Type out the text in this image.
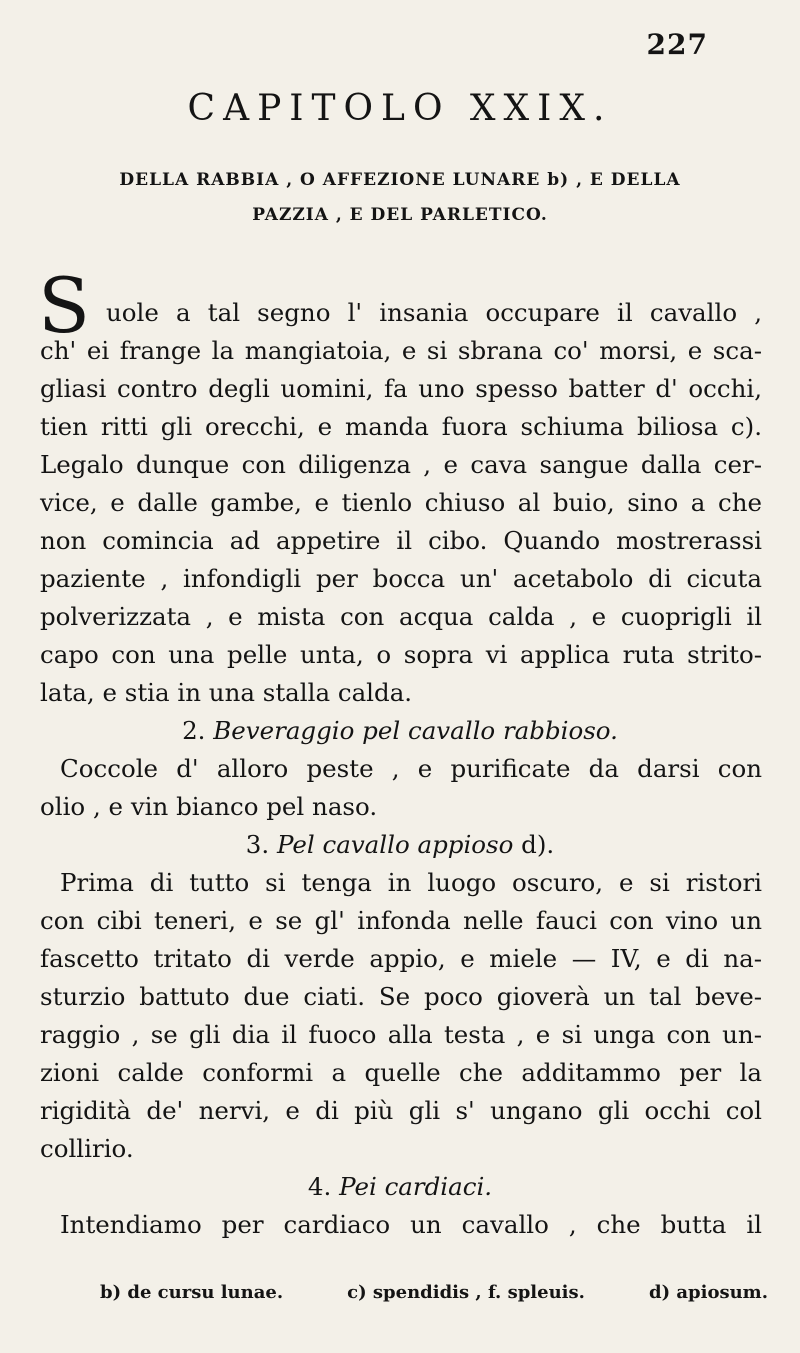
227
CAPITOLO XXIX.
DELLA RABBIA , O AFFEZIONE LUNARE b) , E DELLA
PAZZIA , E DEL PARLETICO.
S uole a tal segno l' insania occupare il cavallo ,
ch' ei frange la mangiatoia, e si sbrana co' morsi, e sca-
gliasi contro degli uomini, fa uno spesso batter d' occhi,
tien ritti gli orecchi, e manda fuora schiuma biliosa c).
Legalo dunque con diligenza , e cava sangue dalla cer-
vice, e dalle gambe, e tienlo chiuso al buio, sino a che
non comincia ad appetire il cibo. Quando mostrerassi
paziente , infondigli per bocca un' acetabolo di cicuta
polverizzata , e mista con acqua calda , e cuoprigli il
capo con una pelle unta, o sopra vi applica ruta strito-
lata, e stia in una stalla calda.
2. Beveraggio pel cavallo rabbioso.
Coccole d' alloro peste , e purificate da darsi con
olio , e vin bianco pel naso.
3. Pel cavallo appioso d).
Prima di tutto si tenga in luogo oscuro, e si ristori
con cibi teneri, e se gl' infonda nelle fauci con vino un
fascetto tritato di verde appio, e miele — IV, e di na-
sturzio battuto due ciati. Se poco gioverà un tal beve-
raggio , se gli dia il fuoco alla testa , e si unga con un-
zioni calde conformi a quelle che additammo per la
rigidità de' nervi, e di più gli s' ungano gli occhi col
collirio.
4. Pei cardiaci.
Intendiamo per cardiaco un cavallo , che butta il
b) de cursu lunae.	c) spendidis , f. spleuis.	d) apiosum.
